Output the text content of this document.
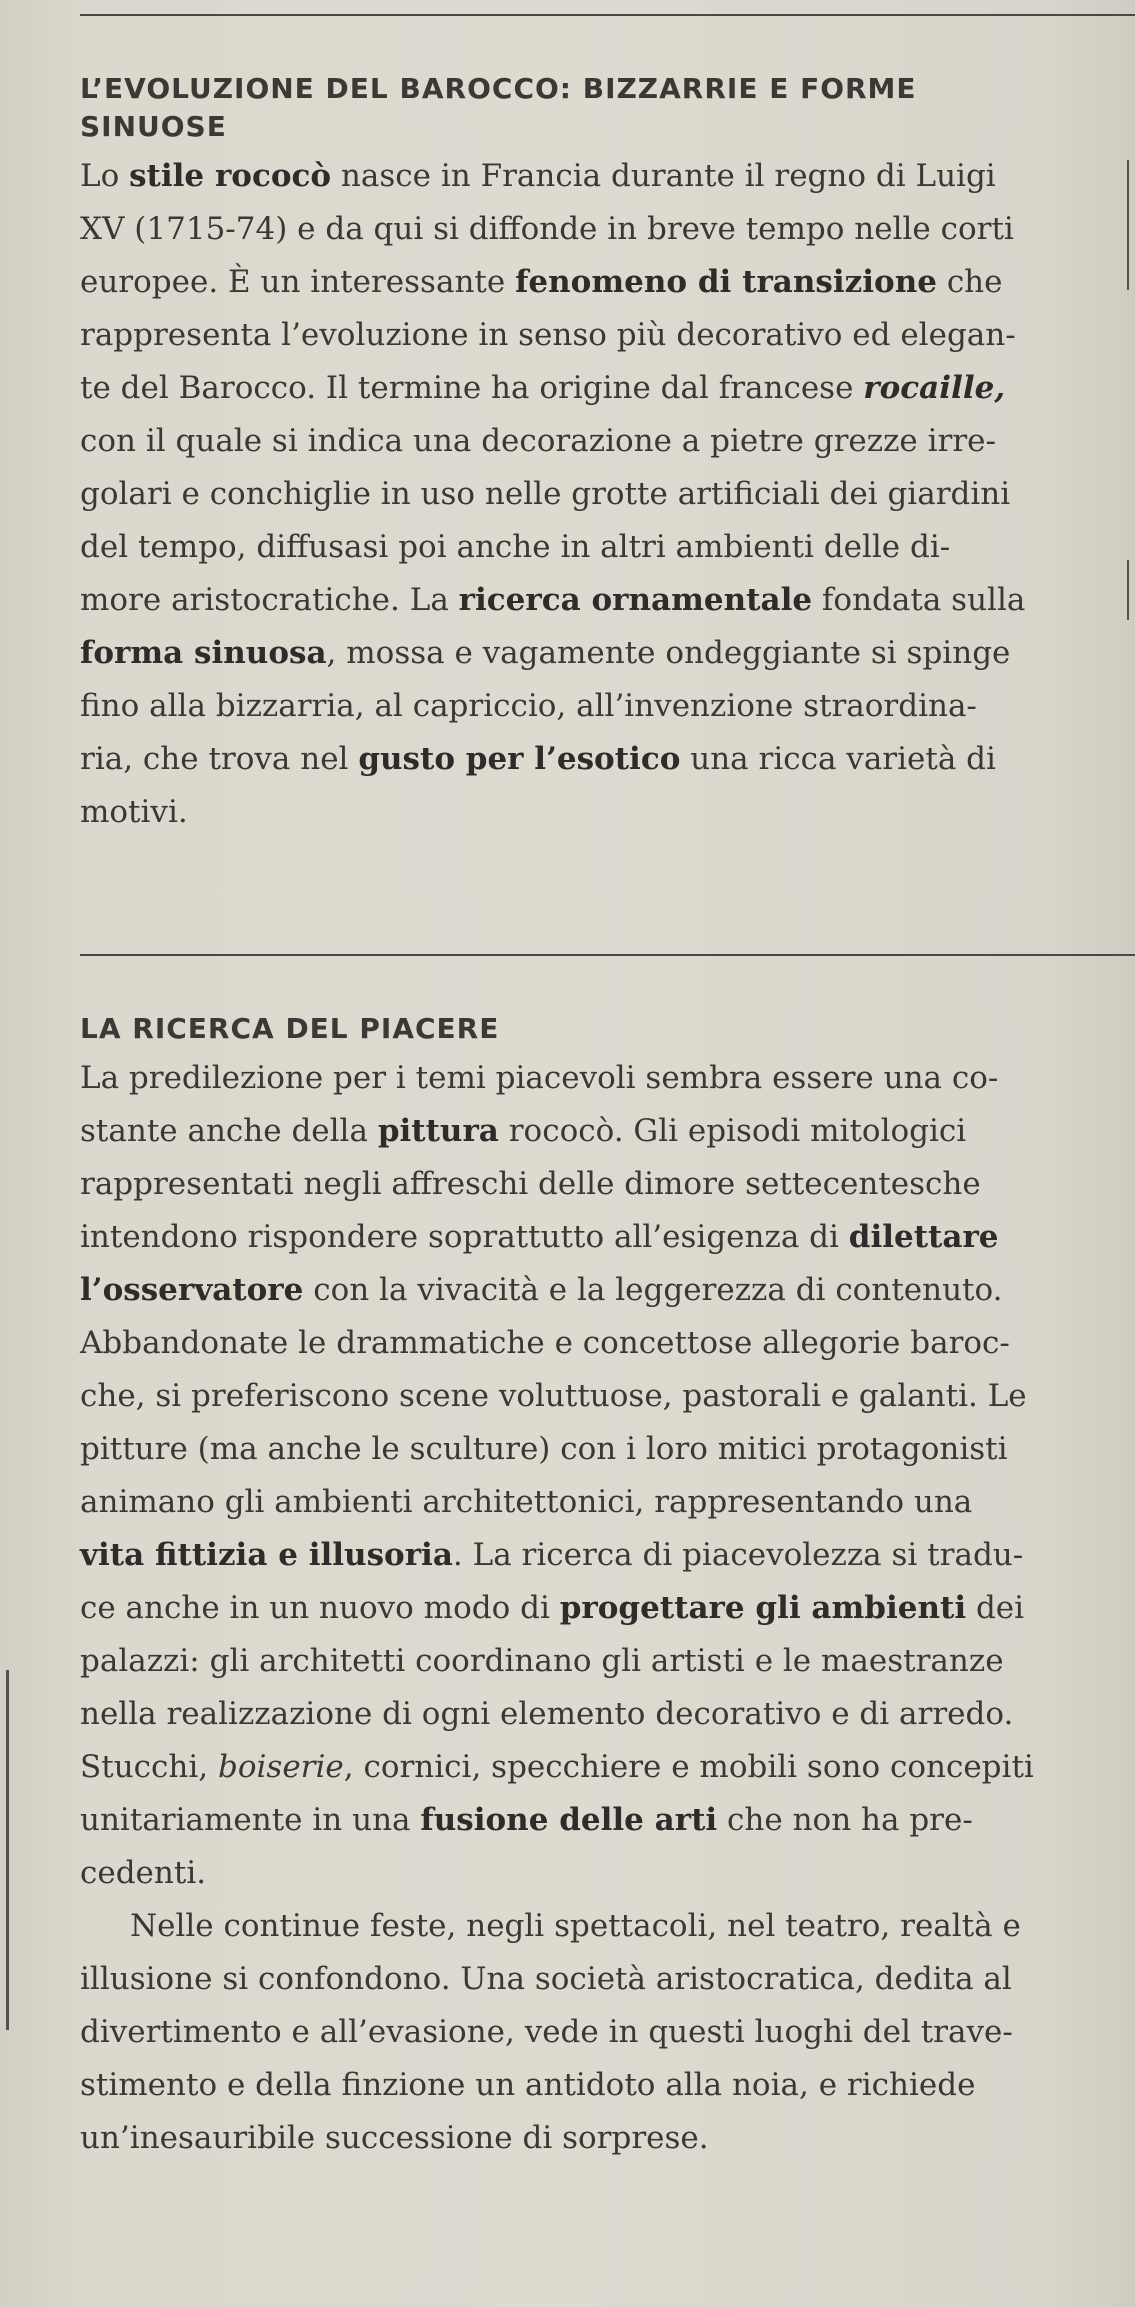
L’EVOLUZIONE DEL BAROCCO: BIZZARRIE E FORME SINUOSE

Lo stile rococò nasce in Francia durante il regno di Luigi
XV (1715-74) e da qui si diffonde in breve tempo nelle corti
europee. È un interessante fenomeno di transizione che
rappresenta l’evoluzione in senso più decorativo ed elegan-
te del Barocco. Il termine ha origine dal francese rocaille,
con il quale si indica una decorazione a pietre grezze irre-
golari e conchiglie in uso nelle grotte artificiali dei giardini
del tempo, diffusasi poi anche in altri ambienti delle di-
more aristocratiche. La ricerca ornamentale fondata sulla
forma sinuosa, mossa e vagamente ondeggiante si spinge
fino alla bizzarria, al capriccio, all’invenzione straordina-
ria, che trova nel gusto per l’esotico una ricca varietà di
motivi.

LA RICERCA DEL PIACERE

La predilezione per i temi piacevoli sembra essere una co-
stante anche della pittura rococò. Gli episodi mitologici
rappresentati negli affreschi delle dimore settecentesche
intendono rispondere soprattutto all’esigenza di dilettare
l’osservatore con la vivacità e la leggerezza di contenuto.
Abbandonate le drammatiche e concettose allegorie baroc-
che, si preferiscono scene voluttuose, pastorali e galanti. Le
pitture (ma anche le sculture) con i loro mitici protagonisti
animano gli ambienti architettonici, rappresentando una
vita fittizia e illusoria. La ricerca di piacevolezza si tradu-
ce anche in un nuovo modo di progettare gli ambienti dei
palazzi: gli architetti coordinano gli artisti e le maestranze
nella realizzazione di ogni elemento decorativo e di arredo.
Stucchi, boiserie, cornici, specchiere e mobili sono concepiti
unitariamente in una fusione delle arti che non ha pre-
cedenti.
Nelle continue feste, negli spettacoli, nel teatro, realtà e
illusione si confondono. Una società aristocratica, dedita al
divertimento e all’evasione, vede in questi luoghi del trave-
stimento e della finzione un antidoto alla noia, e richiede
un’inesauribile successione di sorprese.
